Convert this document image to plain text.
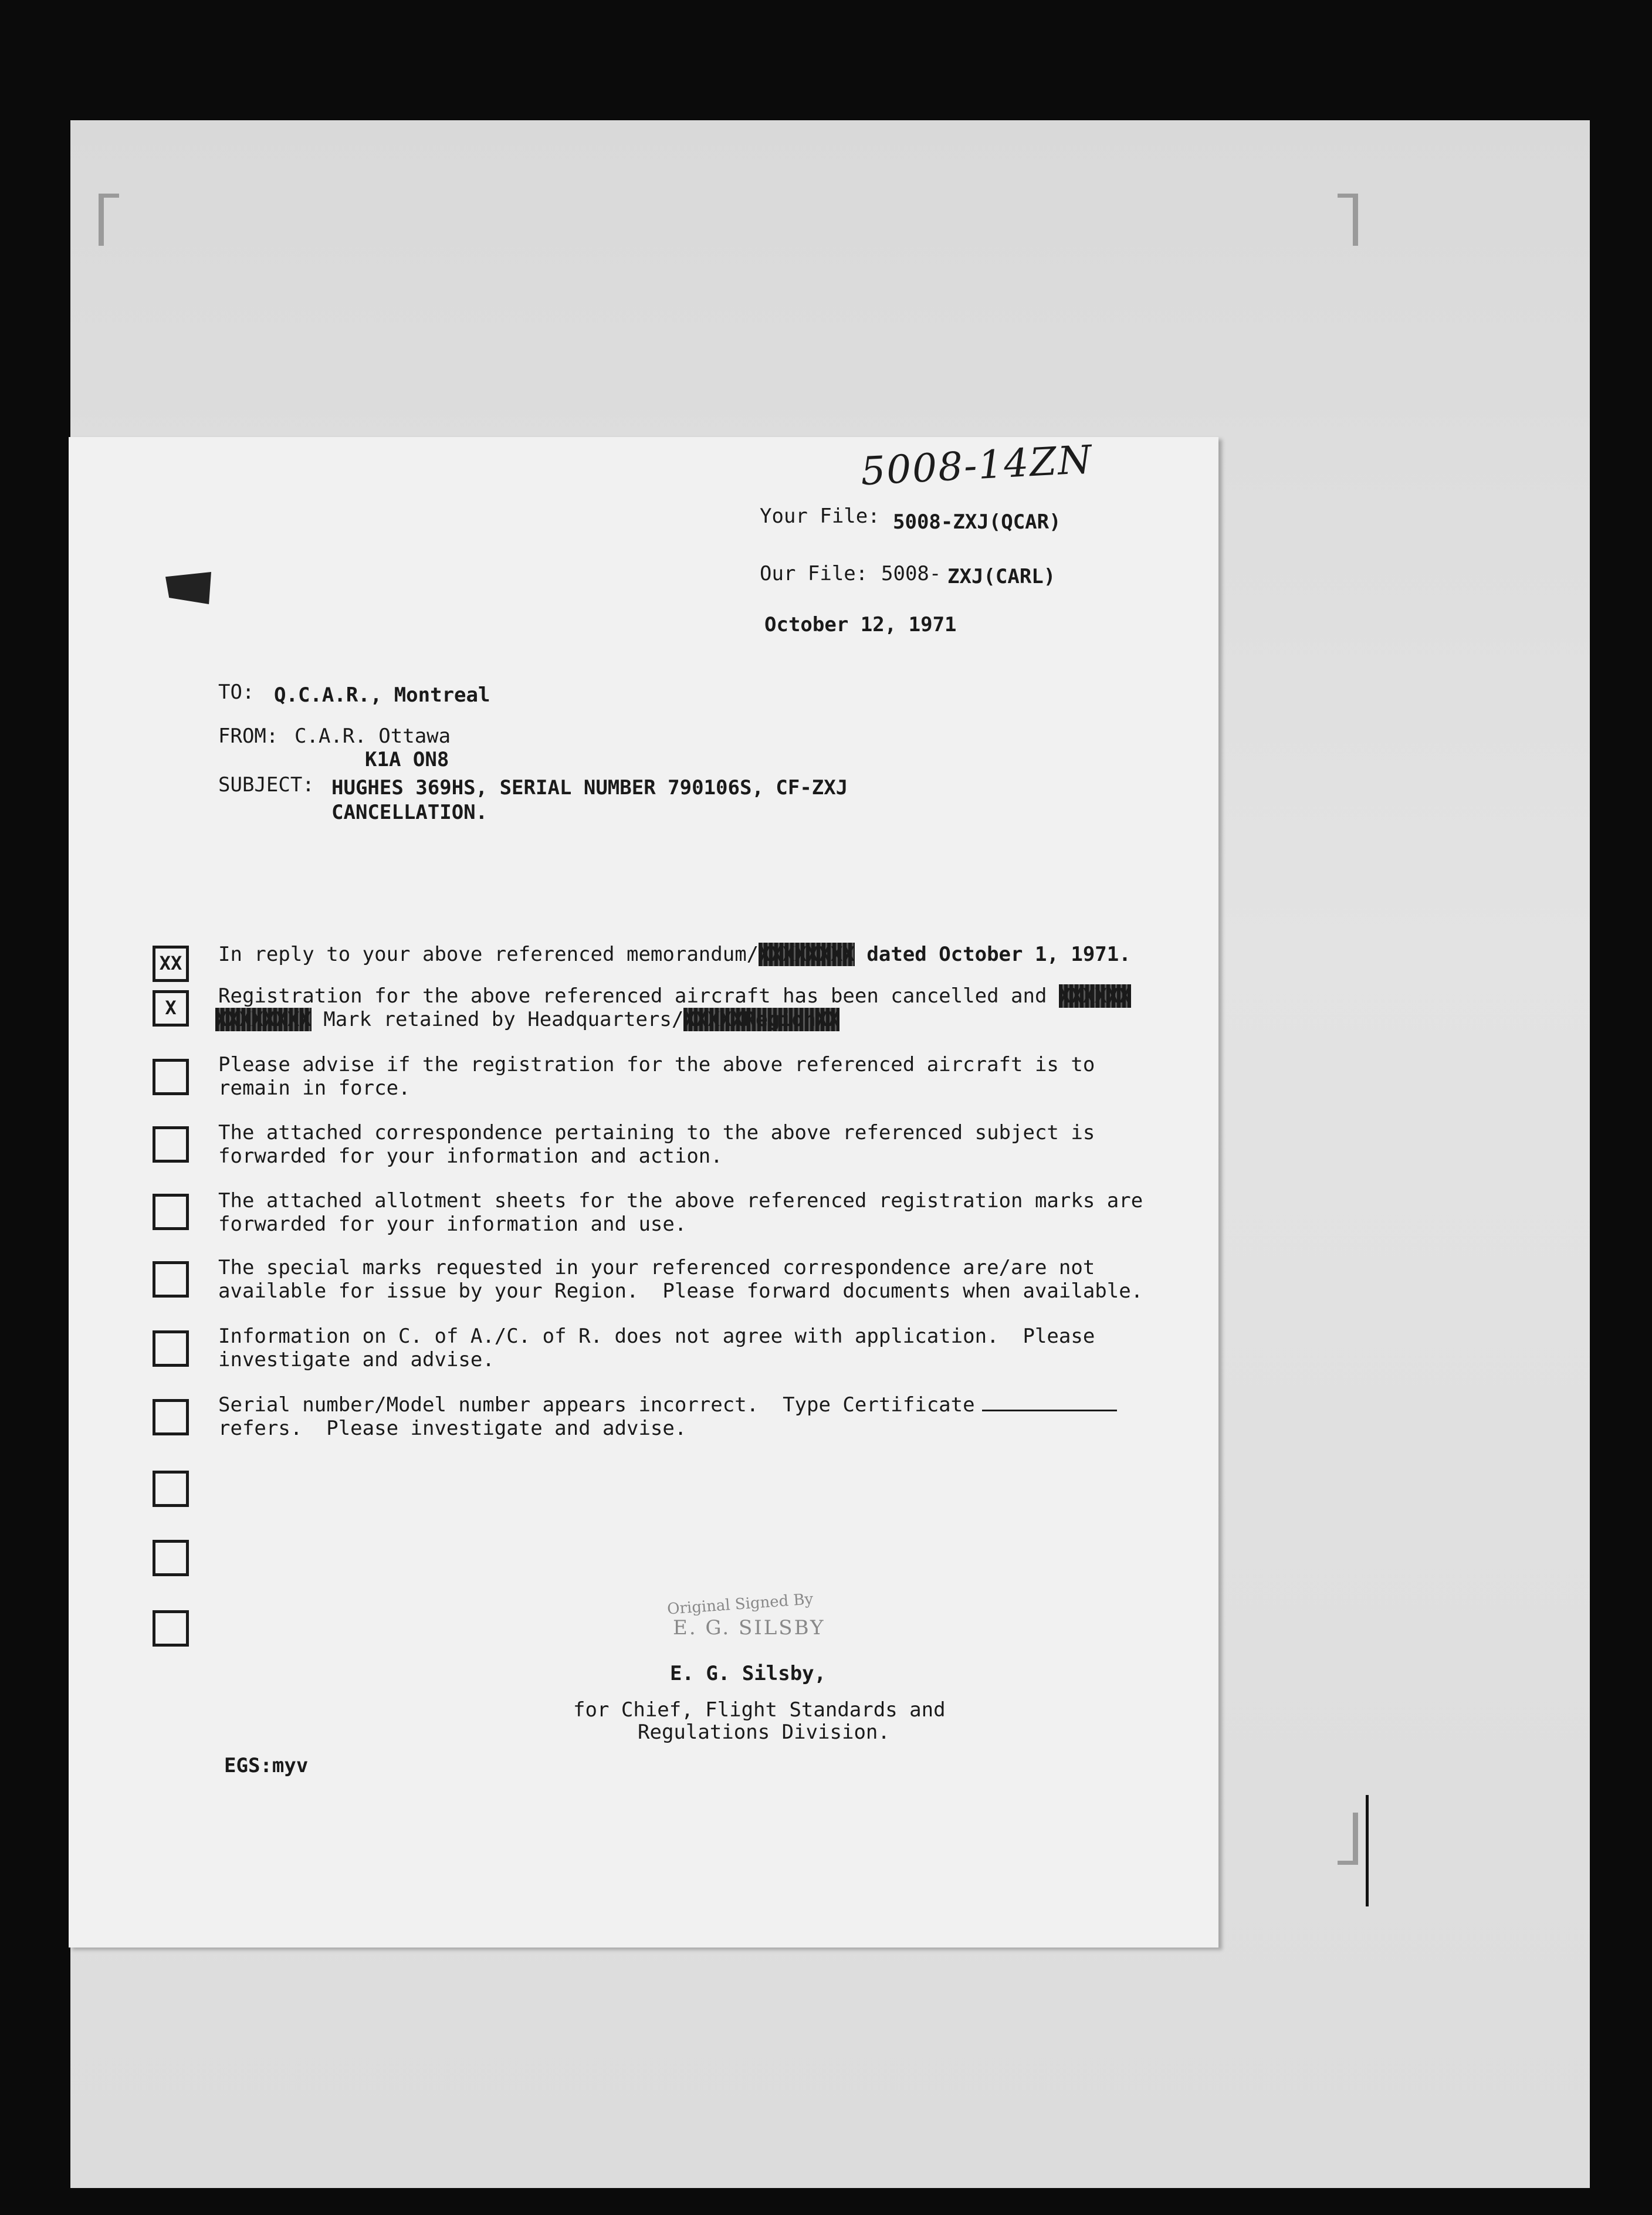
5008-14ZN
Your File: 5008-ZXJ(QCAR)
Our File: 5008- ZXJ(CARL)
October 12, 1971
TO: Q.C.A.R., Montreal
FROM: C.A.R. Ottawa
K1A ON8
SUBJECT: HUGHES 369HS, SERIAL NUMBER 790106S, CF-ZXJ
CANCELLATION.
XX In reply to your above referenced memorandum/XXXXXXXX dated October 1, 1971.
X	Registration for the above referenced aircraft has been cancelled and XXXXXX
XXXXXXXX Mark retained by Headquarters/XXXXXRegionXX
Please advise if the registration for the above referenced aircraft is to
remain in force.
The attached correspondence pertaining to the above referenced subject is
forwarded for your information and action.
The attached allotment sheets for the above referenced registration marks are
forwarded for your information and use.
The special marks requested in your referenced correspondence are/are not
available for issue by your Region.  Please forward documents when available.
Information on C. of A./C. of R. does not agree with application.  Please
investigate and advise.
Serial number/Model number appears incorrect.  Type Certificate
refers.  Please investigate and advise.
Original Signed By
E. G. SILSBY
E. G. Silsby,
for Chief, Flight Standards and
Regulations Division.
EGS:myv
